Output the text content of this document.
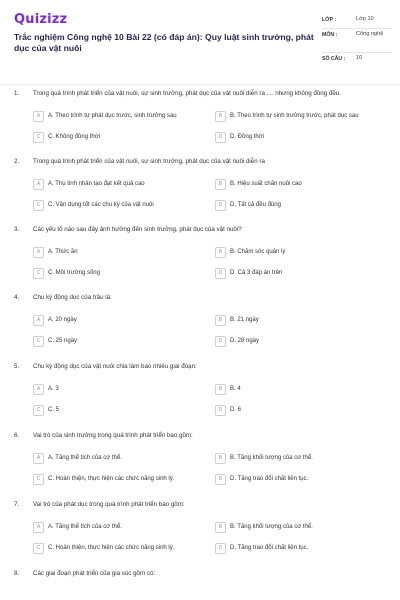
Quizizz
Trắc nghiệm Công nghệ 10 Bài 22 (có đáp án): Quy luật sinh trưởng, phát dục của vật nuôi
LỚP :	Lớp 10
MÔN :	Công nghệ
SỐ CÂU :	10
1. Trong quá trình phát triển của vật nuôi, sự sinh trưởng, phát dục của vật nuôi diễn ra .... nhưng không đồng đều.
A	A. Theo trình tự phát dục trước, sinh trưởng sau	B	B. Theo trình tự sinh trưởng trước, phát dục sau
C	C. Không đồng thời	D	D. Đồng thời
2. Trong quá trình phát triển của vật nuôi, sự sinh trưởng, phát dục của vật nuôi diễn ra
A	A. Thụ tinh nhân tạo đạt kết quả cao	B	B. Hiệu suất chăn nuôi cao
C	C. Vận dụng tốt các chu kỳ của vật nuôi	D	D. Tất cả đều đúng
3. Các yếu tố nào sau đây ảnh hưởng đến sinh trưởng, phát dục của vật nuôi?
A	A. Thức ăn	B	B. Chăm sóc quản lý
C	C. Môi trường sống	D	D. Cả 3 đáp án trên
4. Chu kỳ động dục của trâu là:
A	A. 20 ngày	B	B. 21 ngày
C	C. 25 ngày	D	D. 28 ngày
5. Chu kỳ động dục của vật nuôi chia làm bao nhiêu giai đoạn:
A	A. 3	B	B. 4
C	C. 5	D	D. 6
6. Vai trò của sinh trưởng trong quá trình phát triển bao gồm:
A	A. Tăng thể tích của cơ thể.	B	B. Tăng khối lượng của cơ thể.
C	C. Hoàn thiện, thực hiện các chức năng sinh lý.	D	D. Tăng trao đổi chất liên tục.
7. Vai trò của phát dục trong quá trình phát triển bao gồm:
A	A. Tăng thể tích của cơ thể.	B	B. Tăng khối lượng của cơ thể.
C	C. Hoàn thiện, thực hiện các chức năng sinh lý.	D	D. Tăng trao đổi chất liên tục.
8. Các giai đoạn phát triển của gia súc gồm có:
